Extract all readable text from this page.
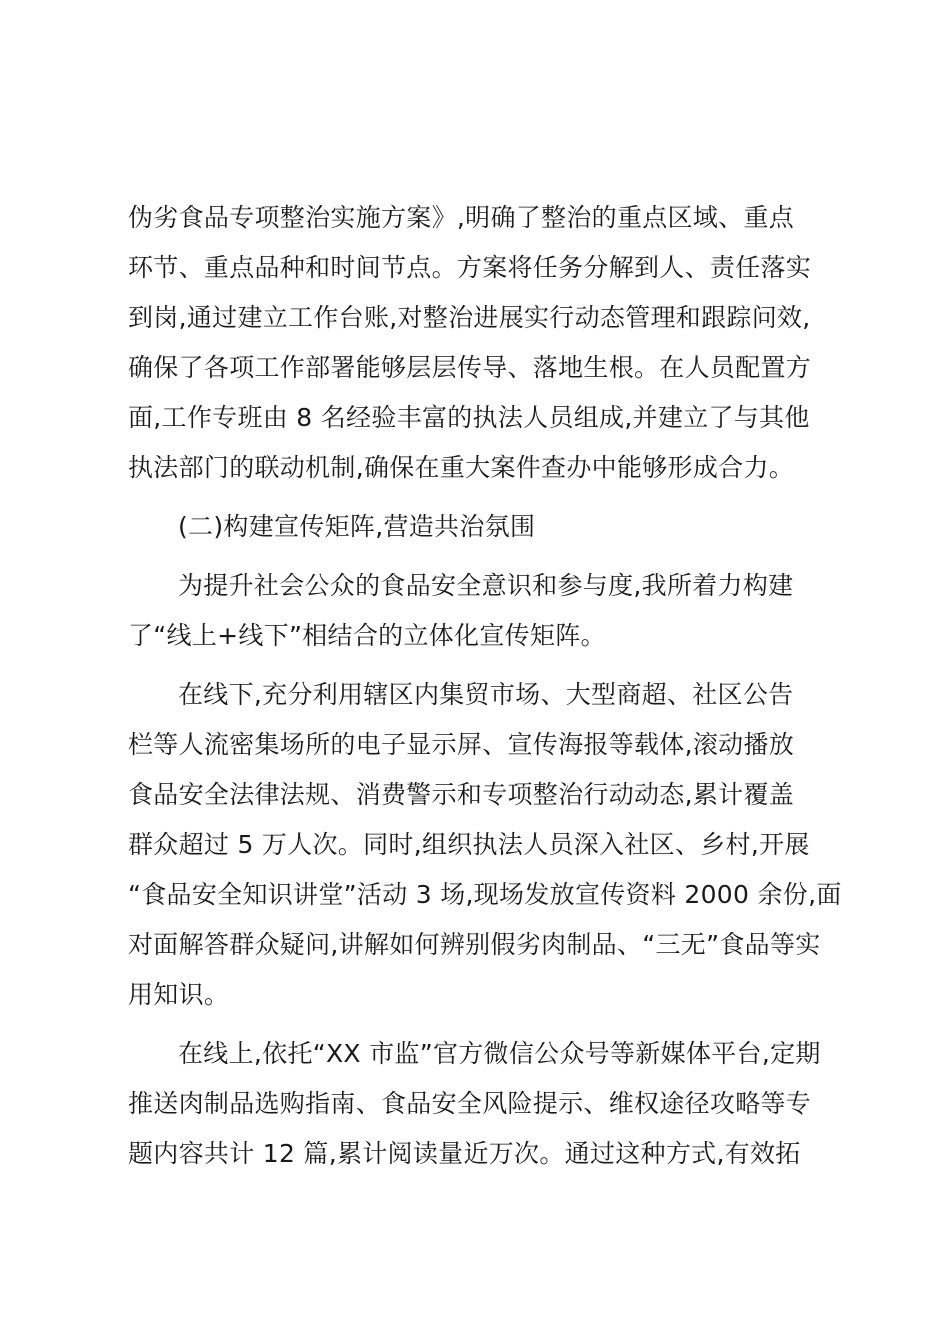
伪劣食品专项整治实施方案》,明确了整治的重点区域、重点
环节、重点品种和时间节点。方案将任务分解到人、责任落实
到岗,通过建立工作台账,对整治进展实行动态管理和跟踪问效,
确保了各项工作部署能够层层传导、落地生根。在人员配置方
面,工作专班由 8 名经验丰富的执法人员组成,并建立了与其他
执法部门的联动机制,确保在重大案件查办中能够形成合力。
(二)构建宣传矩阵,营造共治氛围
为提升社会公众的食品安全意识和参与度,我所着力构建
了“线上+线下”相结合的立体化宣传矩阵。
在线下,充分利用辖区内集贸市场、大型商超、社区公告
栏等人流密集场所的电子显示屏、宣传海报等载体,滚动播放
食品安全法律法规、消费警示和专项整治行动动态,累计覆盖
群众超过 5 万人次。同时,组织执法人员深入社区、乡村,开展
“食品安全知识讲堂”活动 3 场,现场发放宣传资料 2000 余份,面
对面解答群众疑问,讲解如何辨别假劣肉制品、“三无”食品等实
用知识。
在线上,依托“XX 市监”官方微信公众号等新媒体平台,定期
推送肉制品选购指南、食品安全风险提示、维权途径攻略等专
题内容共计 12 篇,累计阅读量近万次。通过这种方式,有效拓
